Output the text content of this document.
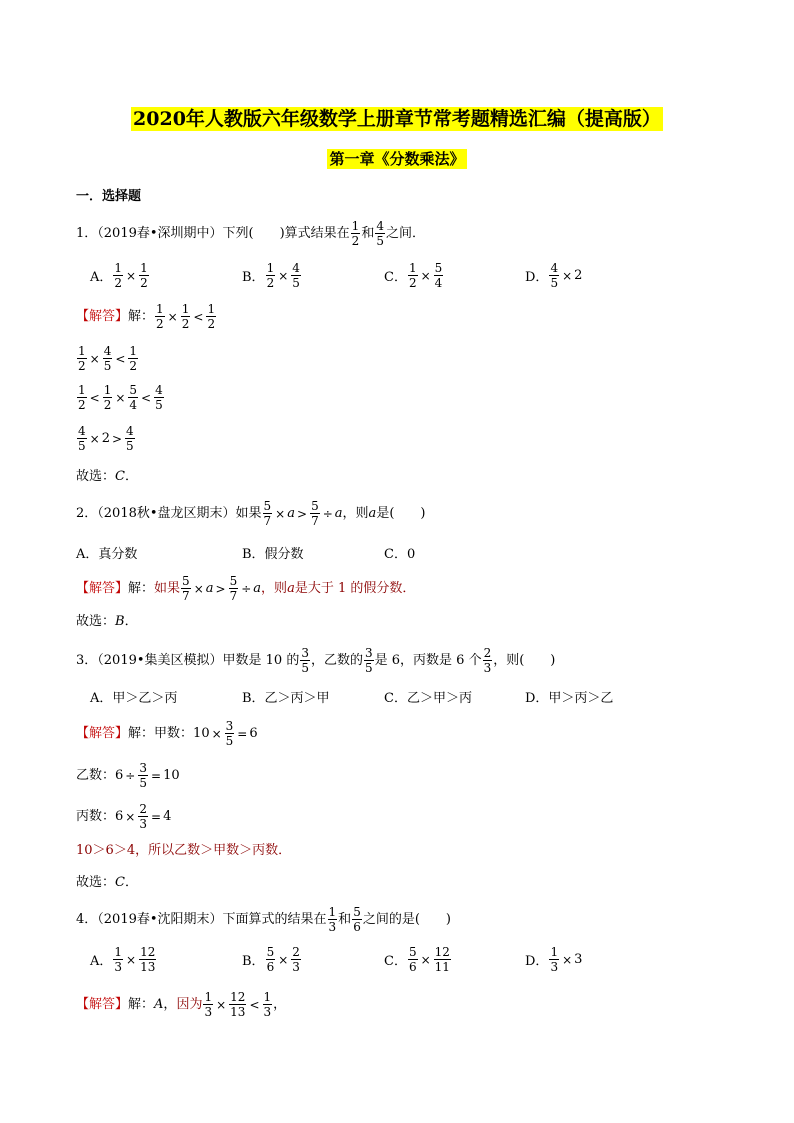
2020年人教版六年级数学上册章节常考题精选汇编（提高版）
第一章《分数乘法》
一．选择题
1．（2019春•深圳期中）下列(　　)算式结果在 $\frac{1}{2}$ 和 $\frac{4}{5}$ 之间．
A． $\frac{1}{2} \times \frac{1}{2}$	B． $\frac{1}{2} \times \frac{4}{5}$	C． $\frac{1}{2} \times \frac{5}{4}$	D． $\frac{4}{5} \times 2$
【解答】 解： $\frac{1}{2} \times \frac{1}{2} < \frac{1}{2}$
$\frac{1}{2} \times \frac{4}{5} < \frac{1}{2}$
$\frac{1}{2} < \frac{1}{2} \times \frac{5}{4} < \frac{4}{5}$
$\frac{4}{5} \times 2 > \frac{4}{5}$
故选： C ．
2．（2018秋•盘龙区期末）如果 $\frac{5}{7} \times a > \frac{5}{7} \div a$ ，则 a 是(　　)
A．真分数	B．假分数	C．0
【解答】 解： 如果 $\frac{5}{7} \times a > \frac{5}{7} \div a$ ，则 a 是大于 1 的假分数．
故选： B ．
3．（2019•集美区模拟）甲数是 10 的 $\frac{3}{5}$ ，乙数的 $\frac{3}{5}$ 是 6，丙数是 6 个 $\frac{2}{3}$ ，则(　　)
A．甲＞乙＞丙	B．乙＞丙＞甲	C．乙＞甲＞丙	D．甲＞丙＞乙
【解答】 解： 甲数： $10 \times \frac{3}{5} = 6$
乙数： $6 \div \frac{3}{5} = 10$
丙数： $6 \times \frac{2}{3} = 4$
10＞6＞4，所以乙数＞甲数＞丙数．
故选： C ．
4．（2019春•沈阳期末）下面算式的结果在 $\frac{1}{3}$ 和 $\frac{5}{6}$ 之间的是(　　)
A． $\frac{1}{3} \times \frac{12}{13}$	B． $\frac{5}{6} \times \frac{2}{3}$	C． $\frac{5}{6} \times \frac{12}{11}$	D． $\frac{1}{3} \times 3$
【解答】 解： A ， 因为 $\frac{1}{3} \times \frac{12}{13} < \frac{1}{3}$ ，
